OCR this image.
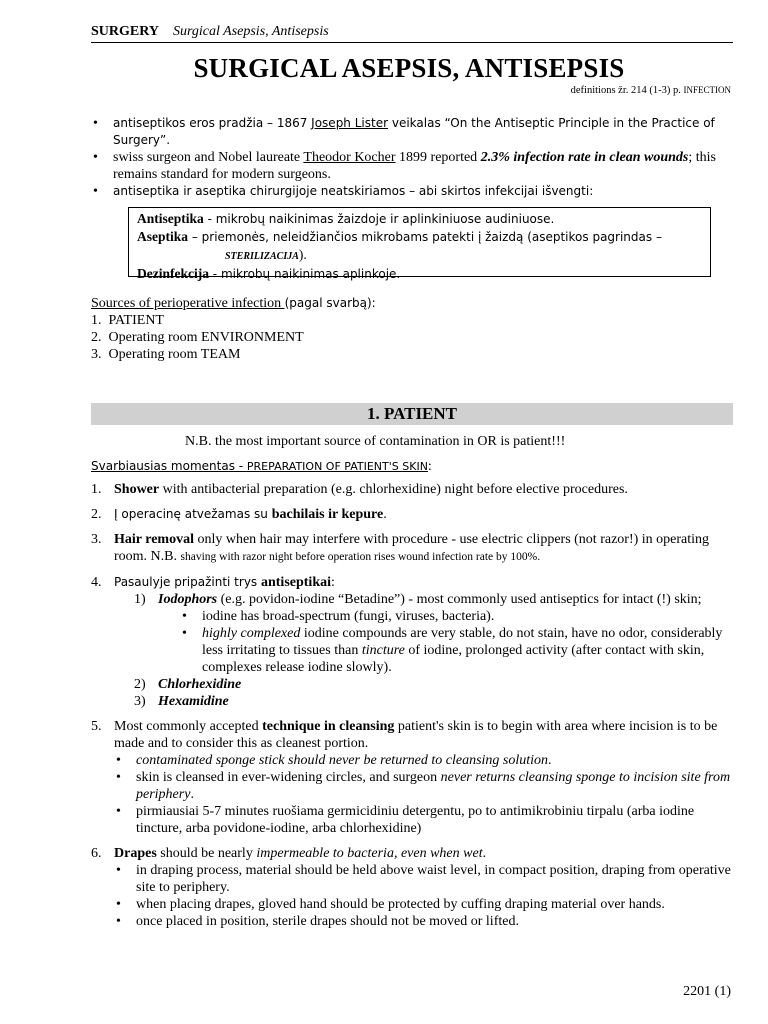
SURGERY Surgical Asepsis, Antisepsis
SURGICAL ASEPSIS, ANTISEPSIS
definitions žr. 214 (1-3) p. INFECTION
• antiseptikos eros pradžia – 1867 Joseph Lister veikalas “On the Antiseptic Principle in the Practice of Surgery”.
• swiss surgeon and Nobel laureate Theodor Kocher 1899 reported 2.3% infection rate in clean wounds; this remains standard for modern surgeons.
• antiseptika ir aseptika chirurgijoje neatskiriamos – abi skirtos infekcijai išvengti:
Antiseptika - mikrobų naikinimas žaizdoje ir aplinkiniuose audiniuose.
Aseptika – priemonės, neleidžiančios mikrobams patekti į žaizdą (aseptikos pagrindas –
STERILIZACIJA).
Dezinfekcija - mikrobų naikinimas aplinkoje.
Sources of perioperative infection (pagal svarbą):
1.  PATIENT
2.  Operating room ENVIRONMENT
3.  Operating room TEAM
1. PATIENT
N.B. the most important source of contamination in OR is patient!!!
Svarbiausias momentas - PREPARATION OF PATIENT'S SKIN:
1. Shower with antibacterial preparation (e.g. chlorhexidine) night before elective procedures.
2. Į operacinę atvežamas su bachilais ir kepure.
3. Hair removal only when hair may interfere with procedure - use electric clippers (not razor!) in operating room. N.B. shaving with razor night before operation rises wound infection rate by 100%.
4. Pasaulyje pripažinti trys antiseptikai:
1) Iodophors (e.g. povidon-iodine “Betadine”) - most commonly used antiseptics for intact (!) skin;
• iodine has broad-spectrum (fungi, viruses, bacteria).
• highly complexed iodine compounds are very stable, do not stain, have no odor, considerably less irritating to tissues than tincture of iodine, prolonged activity (after contact with skin, complexes release iodine slowly).
2) Chlorhexidine
3) Hexamidine
5. Most commonly accepted technique in cleansing patient's skin is to begin with area where incision is to be made and to consider this as cleanest portion.
• contaminated sponge stick should never be returned to cleansing solution.
• skin is cleansed in ever-widening circles, and surgeon never returns cleansing sponge to incision site from periphery.
• pirmiausiai 5-7 minutes ruošiama germicidiniu detergentu, po to antimikrobiniu tirpalu (arba iodine tincture, arba povidone-iodine, arba chlorhexidine)
6. Drapes should be nearly impermeable to bacteria, even when wet.
• in draping process, material should be held above waist level, in compact position, draping from operative site to periphery.
• when placing drapes, gloved hand should be protected by cuffing draping material over hands.
• once placed in position, sterile drapes should not be moved or lifted.
2201 (1)
